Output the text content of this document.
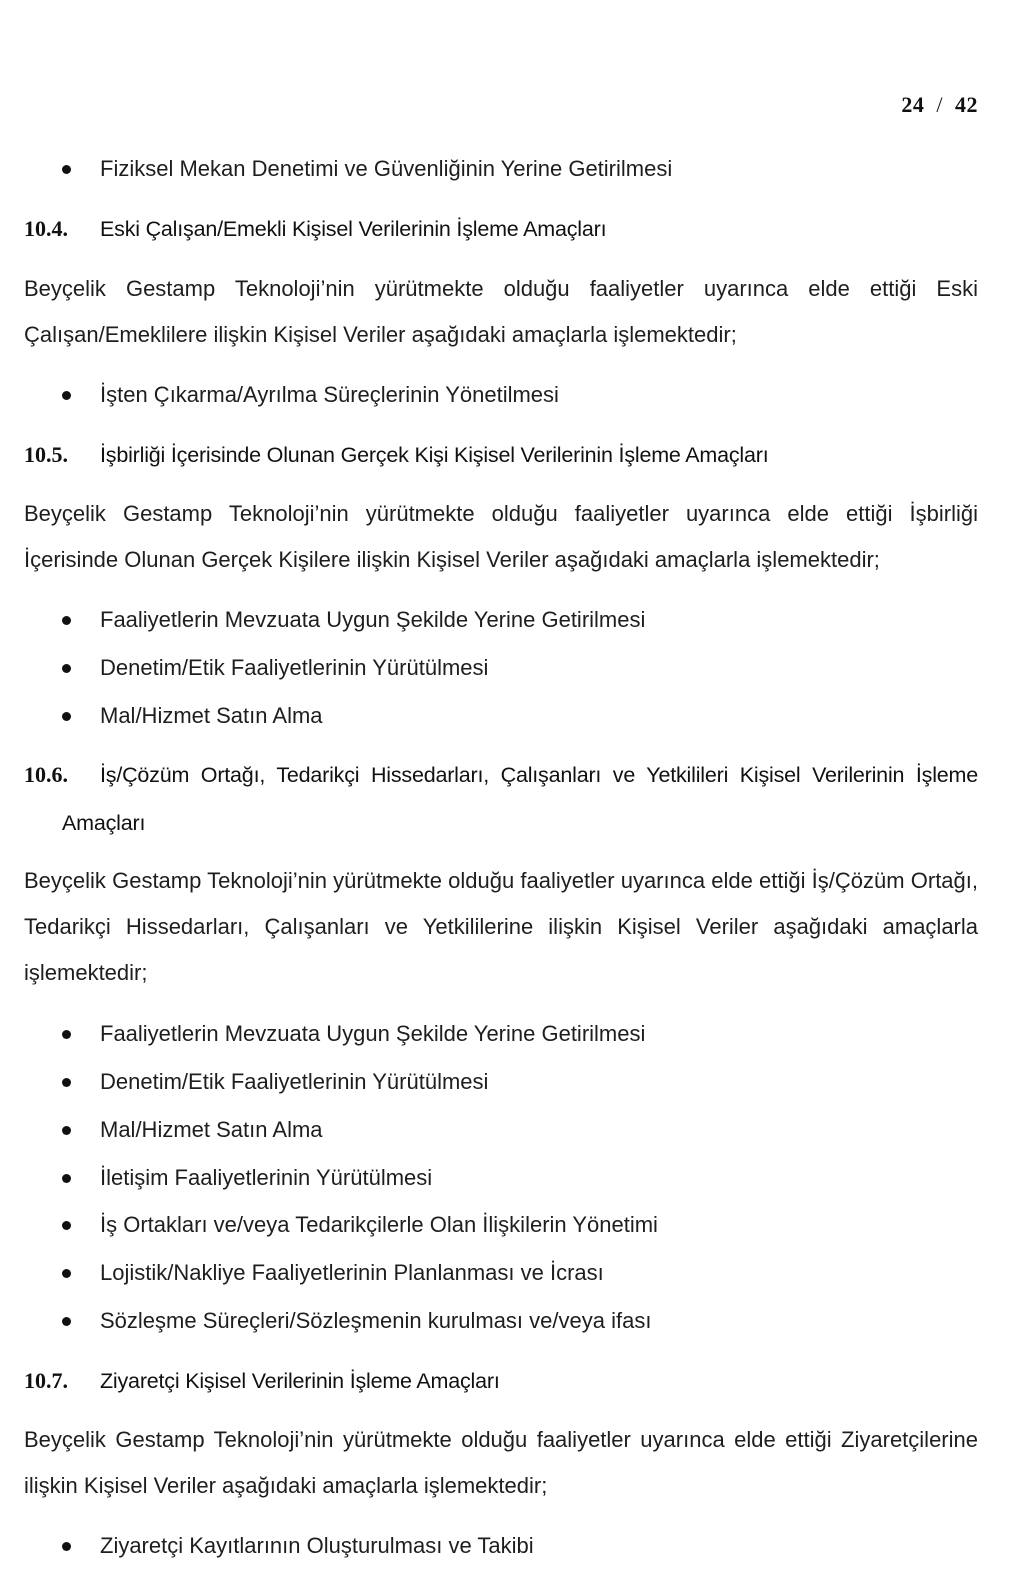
24 / 42
Fiziksel Mekan Denetimi ve Güvenliğinin Yerine Getirilmesi
10.4. Eski Çalışan/Emekli Kişisel Verilerinin İşleme Amaçları
Beyçelik Gestamp Teknoloji’nin yürütmekte olduğu faaliyetler uyarınca elde ettiği Eski Çalışan/Emeklilere ilişkin Kişisel Veriler aşağıdaki amaçlarla işlemektedir;
İşten Çıkarma/Ayrılma Süreçlerinin Yönetilmesi
10.5. İşbirliği İçerisinde Olunan Gerçek Kişi Kişisel Verilerinin İşleme Amaçları
Beyçelik Gestamp Teknoloji’nin yürütmekte olduğu faaliyetler uyarınca elde ettiği İşbirliği İçerisinde Olunan Gerçek Kişilere ilişkin Kişisel Veriler aşağıdaki amaçlarla işlemektedir;
Faaliyetlerin Mevzuata Uygun Şekilde Yerine Getirilmesi
Denetim/Etik Faaliyetlerinin Yürütülmesi
Mal/Hizmet Satın Alma
10.6.	İş/Çözüm Ortağı, Tedarikçi Hissedarları, Çalışanları ve Yetkilileri Kişisel Verilerinin İşleme Amaçları
Beyçelik Gestamp Teknoloji’nin yürütmekte olduğu faaliyetler uyarınca elde ettiği İş/Çözüm Ortağı, Tedarikçi Hissedarları, Çalışanları ve Yetkililerine ilişkin Kişisel Veriler aşağıdaki amaçlarla işlemektedir;
Faaliyetlerin Mevzuata Uygun Şekilde Yerine Getirilmesi
Denetim/Etik Faaliyetlerinin Yürütülmesi
Mal/Hizmet Satın Alma
İletişim Faaliyetlerinin Yürütülmesi
İş Ortakları ve/veya Tedarikçilerle Olan İlişkilerin Yönetimi
Lojistik/Nakliye Faaliyetlerinin Planlanması ve İcrası
Sözleşme Süreçleri/Sözleşmenin kurulması ve/veya ifası
10.7. Ziyaretçi Kişisel Verilerinin İşleme Amaçları
Beyçelik Gestamp Teknoloji’nin yürütmekte olduğu faaliyetler uyarınca elde ettiği Ziyaretçilerine ilişkin Kişisel Veriler aşağıdaki amaçlarla işlemektedir;
Ziyaretçi Kayıtlarının Oluşturulması ve Takibi
